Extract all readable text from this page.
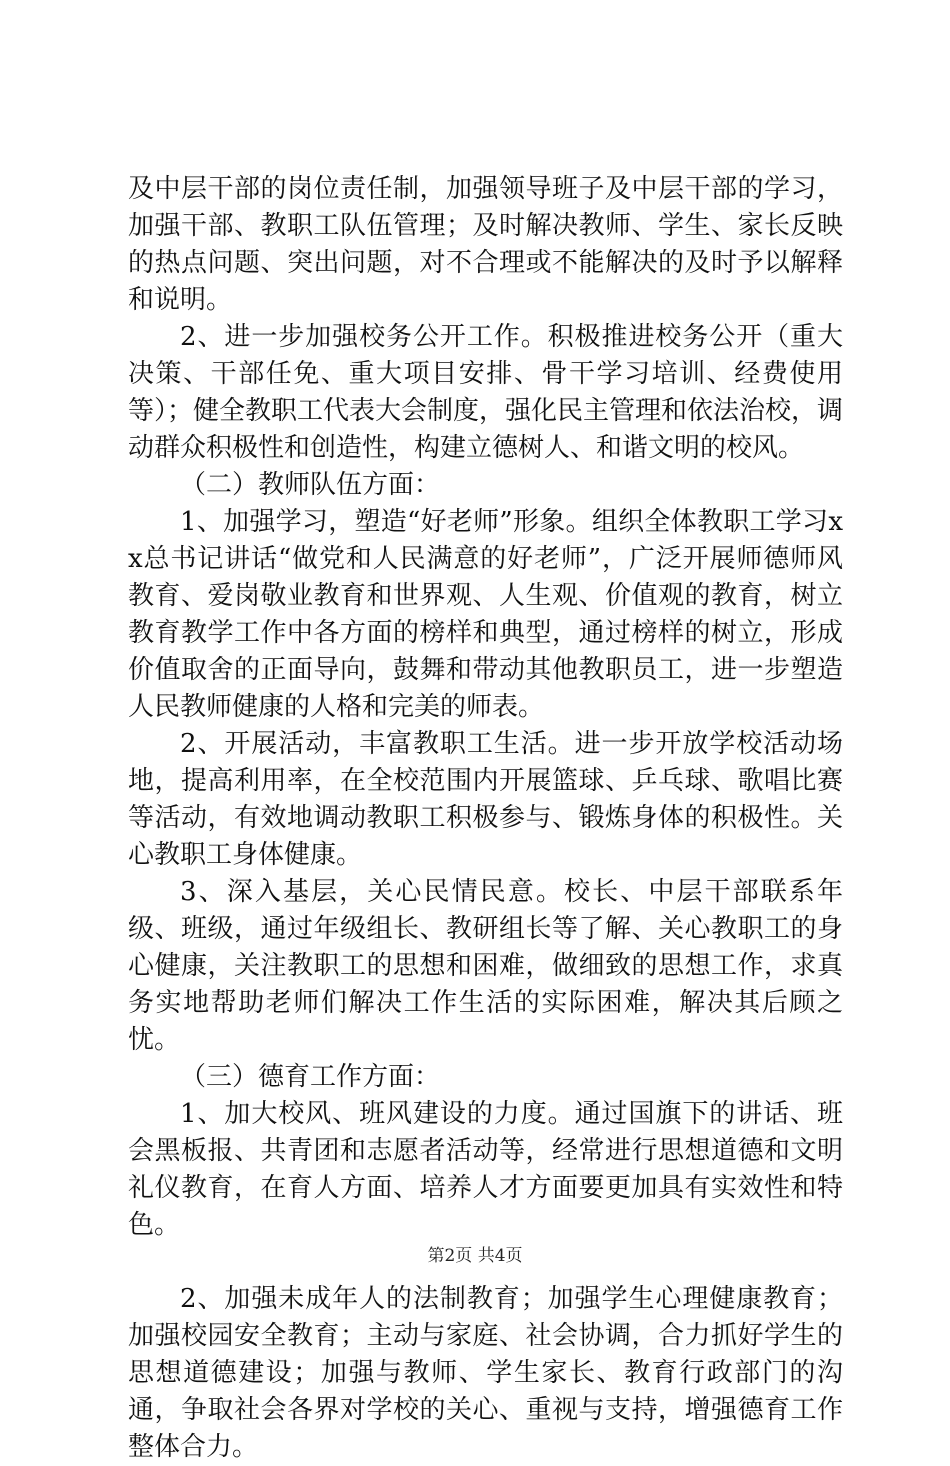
及中层干部的岗位责任制，加强领导班子及中层干部的学习，加强干部、教职工队伍管理；及时解决教师、学生、家长反映的热点问题、突出问题，对不合理或不能解决的及时予以解释和说明。

2、进一步加强校务公开工作。积极推进校务公开（重大决策、干部任免、重大项目安排、骨干学习培训、经费使用等）；健全教职工代表大会制度，强化民主管理和依法治校，调动群众积极性和创造性，构建立德树人、和谐文明的校风。

（二）教师队伍方面：

1、加强学习，塑造“好老师”形象。组织全体教职工学习xx总书记讲话“做党和人民满意的好老师”，广泛开展师德师风教育、爱岗敬业教育和世界观、人生观、价值观的教育，树立教育教学工作中各方面的榜样和典型，通过榜样的树立，形成价值取舍的正面导向，鼓舞和带动其他教职员工，进一步塑造人民教师健康的人格和完美的师表。

2、开展活动，丰富教职工生活。进一步开放学校活动场地，提高利用率，在全校范围内开展篮球、乒乓球、歌唱比赛等活动，有效地调动教职工积极参与、锻炼身体的积极性。关心教职工身体健康。

3、深入基层，关心民情民意。校长、中层干部联系年级、班级，通过年级组长、教研组长等了解、关心教职工的身心健康，关注教职工的思想和困难，做细致的思想工作，求真务实地帮助老师们解决工作生活的实际困难，解决其后顾之忧。

（三）德育工作方面：

1、加大校风、班风建设的力度。通过国旗下的讲话、班会黑板报、共青团和志愿者活动等，经常进行思想道德和文明礼仪教育，在育人方面、培养人才方面要更加具有实效性和特色。

2、加强未成年人的法制教育；加强学生心理健康教育；加强校园安全教育；主动与家庭、社会协调，合力抓好学生的思想道德建设；加强与教师、学生家长、教育行政部门的沟通，争取社会各界对学校的关心、重视与支持，增强德育工作整体合力。

第2页 共4页
